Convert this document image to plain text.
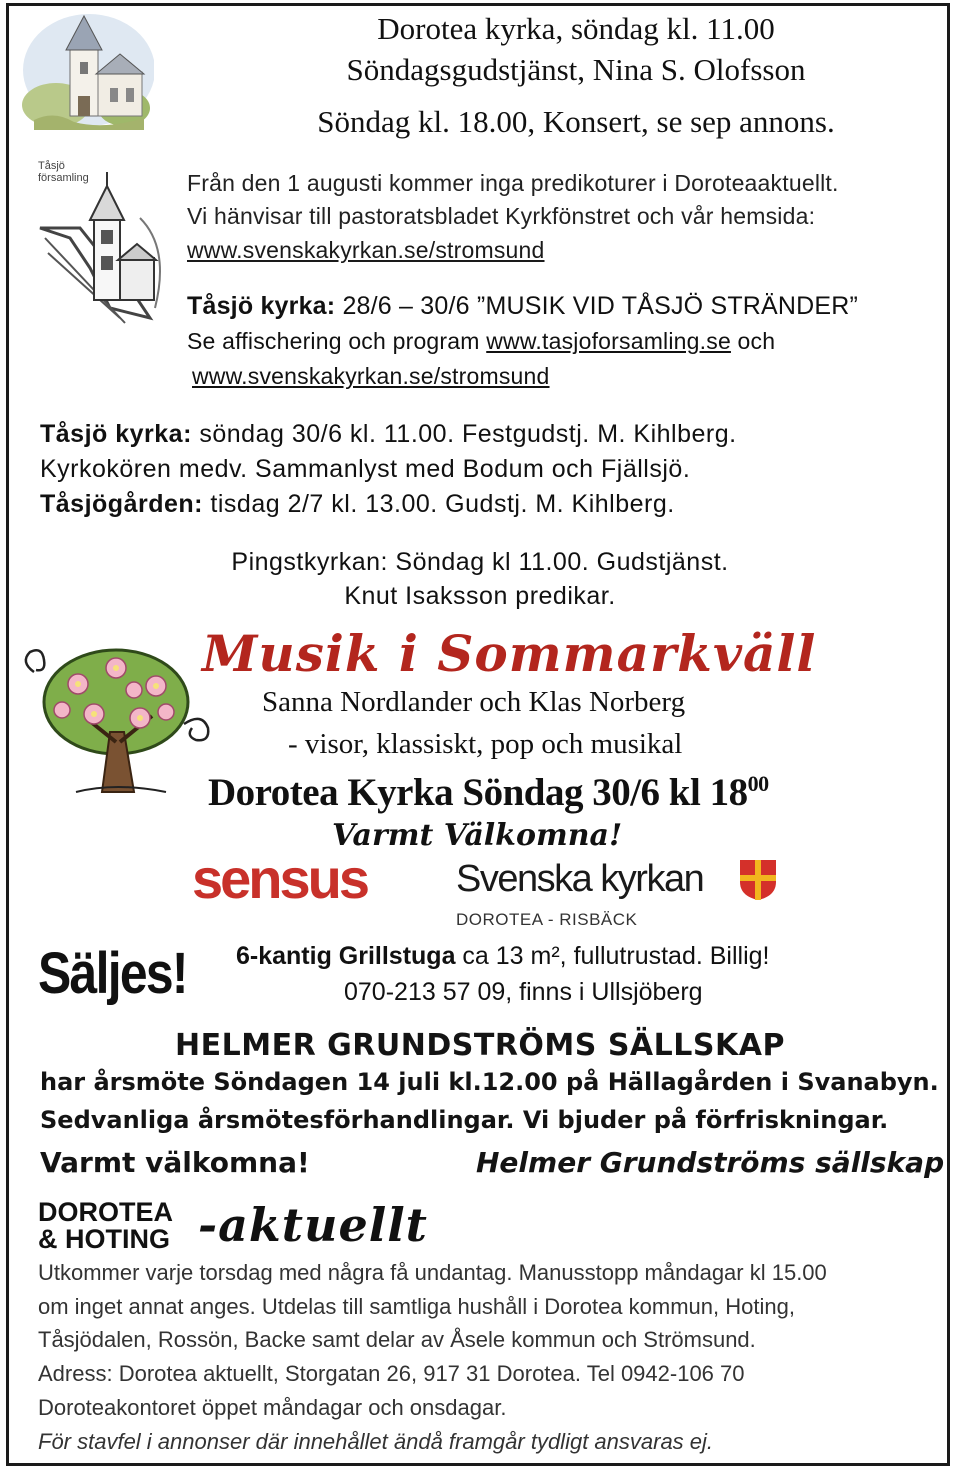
Dorotea kyrka, söndag kl. 11.00
Söndagsgudstjänst, Nina S. Olofsson
Söndag kl. 18.00, Konsert, se sep annons.
Tåsjö församling	Från den 1 augusti kommer inga predikoturer i Doroteaaktuellt.
Vi hänvisar till pastoratsbladet Kyrkfönstret och vår hemsida:
www.svenskakyrkan.se/stromsund
Tåsjö kyrka: 28/6 – 30/6 ”MUSIK VID TÅSJÖ STRÄNDER”
Se affischering och program www.tasjoforsamling.se och
www.svenskakyrkan.se/stromsund
Tåsjö kyrka: söndag 30/6 kl. 11.00. Festgudstj. M. Kihlberg.
Kyrkokören medv. Sammanlyst med Bodum och Fjällsjö.
Tåsjögården: tisdag 2/7 kl. 13.00. Gudstj. M. Kihlberg.
Pingstkyrkan: Söndag kl 11.00. Gudstjänst.
Knut Isaksson predikar.
Musik i Sommarkväll
Sanna Nordlander och Klas Norberg
- visor, klassiskt, pop och musikal
Dorotea Kyrka Söndag 30/6 kl $18^{00}$
Varmt Välkomna!
sensus Svenska kyrkan
DOROTEA - RISBÄCK
Säljes! 6-kantig Grillstuga ca 13 m², fullutrustad. Billig!
070-213 57 09, finns i Ullsjöberg
HELMER GRUNDSTRÖMS SÄLLSKAP
har årsmöte Söndagen 14 juli kl.12.00 på Hällagården i Svanabyn.
Sedvanliga årsmötesförhandlingar. Vi bjuder på förfriskningar.
Varmt välkomna!	Helmer Grundströms sällskap
DOROTEA
& HOTING -aktuellt
Utkommer varje torsdag med några få undantag. Manusstopp måndagar kl 15.00
om inget annat anges. Utdelas till samtliga hushåll i Dorotea kommun, Hoting,
Tåsjödalen, Rossön, Backe samt delar av Åsele kommun och Strömsund.
Adress: Dorotea aktuellt, Storgatan 26, 917 31 Dorotea. Tel 0942-106 70
Doroteakontoret öppet måndagar och onsdagar.
För stavfel i annonser där innehållet ändå framgår tydligt ansvaras ej.
